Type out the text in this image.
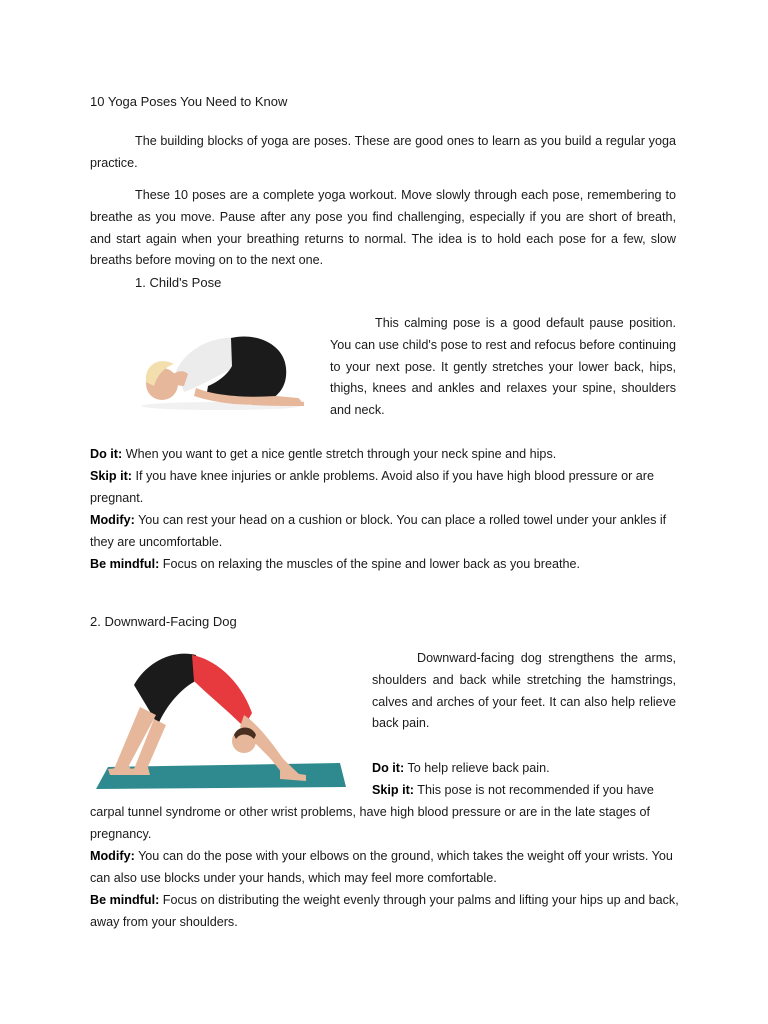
10 Yoga Poses You Need to Know
The building blocks of yoga are poses. These are good ones to learn as you build a regular yoga practice.
These 10 poses are a complete yoga workout. Move slowly through each pose, remembering to breathe as you move. Pause after any pose you find challenging, especially if you are short of breath, and start again when your breathing returns to normal. The idea is to hold each pose for a few, slow breaths before moving on to the next one.
1. Child's Pose
This calming pose is a good default pause position. You can use child's pose to rest and refocus before continuing to your next pose. It gently stretches your lower back, hips, thighs, knees and ankles and relaxes your spine, shoulders and neck.
Do it: When you want to get a nice gentle stretch through your neck spine and hips.
Skip it: If you have knee injuries or ankle problems. Avoid also if you have high blood pressure or are pregnant.
Modify: You can rest your head on a cushion or block. You can place a rolled towel under your ankles if they are uncomfortable.
Be mindful: Focus on relaxing the muscles of the spine and lower back as you breathe.
2. Downward-Facing Dog
Downward-facing dog strengthens the arms, shoulders and back while stretching the hamstrings, calves and arches of your feet. It can also help relieve back pain.
Do it: To help relieve back pain.
Skip it: This pose is not recommended if you have
carpal tunnel syndrome or other wrist problems, have high blood pressure or are in the late stages of pregnancy.
Modify: You can do the pose with your elbows on the ground, which takes the weight off your wrists. You can also use blocks under your hands, which may feel more comfortable.
Be mindful: Focus on distributing the weight evenly through your palms and lifting your hips up and back, away from your shoulders.
